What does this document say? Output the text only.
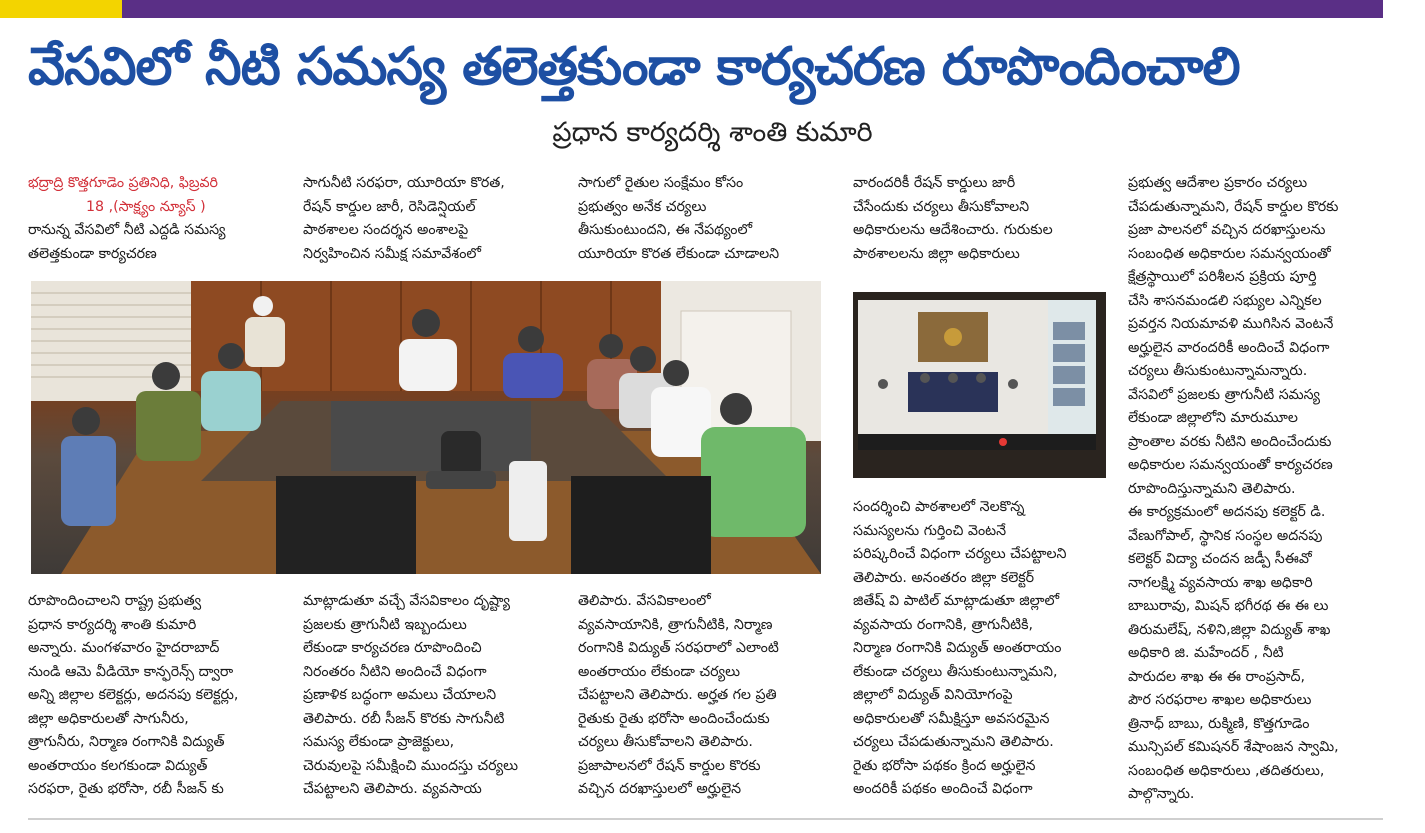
వేసవిలో నీటి సమస్య తలెత్తకుండా కార్యచరణ రూపొందించాలి
ప్రధాన కార్యదర్శి శాంతి కుమారి

భద్రాద్రి కొత్తగూడెం ప్రతినిధి, ఫిబ్రవరి

18 ,(సాక్ష్యం న్యూస్ )

రానున్న వేసవిలో నీటి ఎద్దడి సమస్య

తలెత్తకుండా కార్యచరణ

సాగునీటి సరఫరా, యూరియా కొరత,

రేషన్ కార్డుల జారీ, రెసిడెన్షియల్

పాఠశాలల సందర్శన అంశాలపై

నిర్వహించిన సమీక్ష సమావేశంలో

సాగులో రైతుల సంక్షేమం కోసం

ప్రభుత్వం అనేక చర్యలు

తీసుకుంటుందని, ఈ నేపథ్యంలో

యూరియా కొరత లేకుండా చూడాలని

వారందరికీ రేషన్ కార్డులు జారీ

చేసేందుకు చర్యలు తీసుకోవాలని

అధికారులను ఆదేశించారు. గురుకుల

పాఠశాలలను జిల్లా అధికారులు

ప్రభుత్వ ఆదేశాల ప్రకారం చర్యలు

చేపడుతున్నామని, రేషన్ కార్డుల కొరకు

ప్రజా పాలనలో వచ్చిన దరఖాస్తులను

సంబంధిత అధికారుల సమన్వయంతో

క్షేత్రస్థాయిలో పరిశీలన ప్రక్రియ పూర్తి

చేసి శాసనమండలి సభ్యుల ఎన్నికల

ప్రవర్తన నియమావళి ముగిసిన వెంటనే

అర్హులైన వారందరికీ అందించే విధంగా

చర్యలు తీసుకుంటున్నామన్నారు.

వేసవిలో ప్రజలకు త్రాగునీటి సమస్య

లేకుండా జిల్లాలోని మారుమూల

ప్రాంతాల వరకు నీటిని అందించేందుకు

అధికారుల సమన్వయంతో కార్యచరణ

రూపొందిస్తున్నామని తెలిపారు.

ఈ కార్యక్రమంలో అదనపు కలెక్టర్ డి.

వేణుగోపాల్, స్థానిక సంస్థల అదనపు

కలెక్టర్ విద్యా చందన జడ్పీ సీఈవో

నాగలక్ష్మి వ్యవసాయ శాఖ అధికారి

బాబురావు, మిషన్ భగీరథ ఈ ఈ లు

తిరుమలేష్, నళిని,జిల్లా విద్యుత్ శాఖ

అధికారి జి. మహేందర్ , నీటి

పారుదల శాఖ ఈ ఈ రాంప్రసాద్,

పౌర సరఫరాల శాఖల అధికారులు

త్రినాధ్ బాబు, రుక్మిణి, కొత్తగూడెం

మున్సిపల్ కమిషనర్ శేషాంజన స్వామి,

సంబంధిత అధికారులు ,తదితరులు,

పాల్గొన్నారు.

సందర్శించి పాఠశాలలో నెలకొన్న

సమస్యలను గుర్తించి వెంటనే

పరిష్కరించే విధంగా చర్యలు చేపట్టాలని

తెలిపారు. అనంతరం జిల్లా కలెక్టర్

జితేష్ వి పాటిల్ మాట్లాడుతూ జిల్లాలో

వ్యవసాయ రంగానికి, త్రాగునీటికి,

నిర్మాణ రంగానికి విద్యుత్ అంతరాయం

లేకుండా చర్యలు తీసుకుంటున్నామని,

జిల్లాలో విద్యుత్ వినియోగంపై

అధికారులతో సమీక్షిస్తూ అవసరమైన

చర్యలు చేపడుతున్నామని తెలిపారు.

రైతు భరోసా పథకం క్రింద అర్హులైన

అందరికీ పథకం అందించే విధంగా

రూపొందించాలని రాష్ట్ర ప్రభుత్వ

ప్రధాన కార్యదర్శి శాంతి కుమారి

అన్నారు. మంగళవారం హైదరాబాద్

నుండి ఆమె వీడియో కాన్ఫరెన్స్ ద్వారా

అన్ని జిల్లాల కలెక్టర్లు, అదనపు కలెక్టర్లు,

జిల్లా అధికారులతో సాగునీరు,

త్రాగునీరు, నిర్మాణ రంగానికి విద్యుత్

అంతరాయం కలగకుండా విద్యుత్

సరఫరా, రైతు భరోసా, రబీ సీజన్ కు

మాట్లాడుతూ వచ్చే వేసవికాలం దృష్ట్యా

ప్రజలకు త్రాగునీటి ఇబ్బందులు

లేకుండా కార్యచరణ రూపొందించి

నిరంతరం నీటిని అందించే విధంగా

ప్రణాళిక బద్ధంగా అమలు చేయాలని

తెలిపారు. రబీ సీజన్ కొరకు సాగునీటి

సమస్య లేకుండా ప్రాజెక్టులు,

చెరువులపై సమీక్షించి ముందస్తు చర్యలు

చేపట్టాలని తెలిపారు. వ్యవసాయ

తెలిపారు. వేసవికాలంలో

వ్యవసాయానికి, త్రాగునీటికి, నిర్మాణ

రంగానికి విద్యుత్ సరఫరాలో ఎలాంటి

అంతరాయం లేకుండా చర్యలు

చేపట్టాలని తెలిపారు. అర్హత గల ప్రతి

రైతుకు రైతు భరోసా అందించేందుకు

చర్యలు తీసుకోవాలని తెలిపారు.

ప్రజాపాలనలో రేషన్ కార్డుల కొరకు

వచ్చిన దరఖాస్తులలో అర్హులైన
